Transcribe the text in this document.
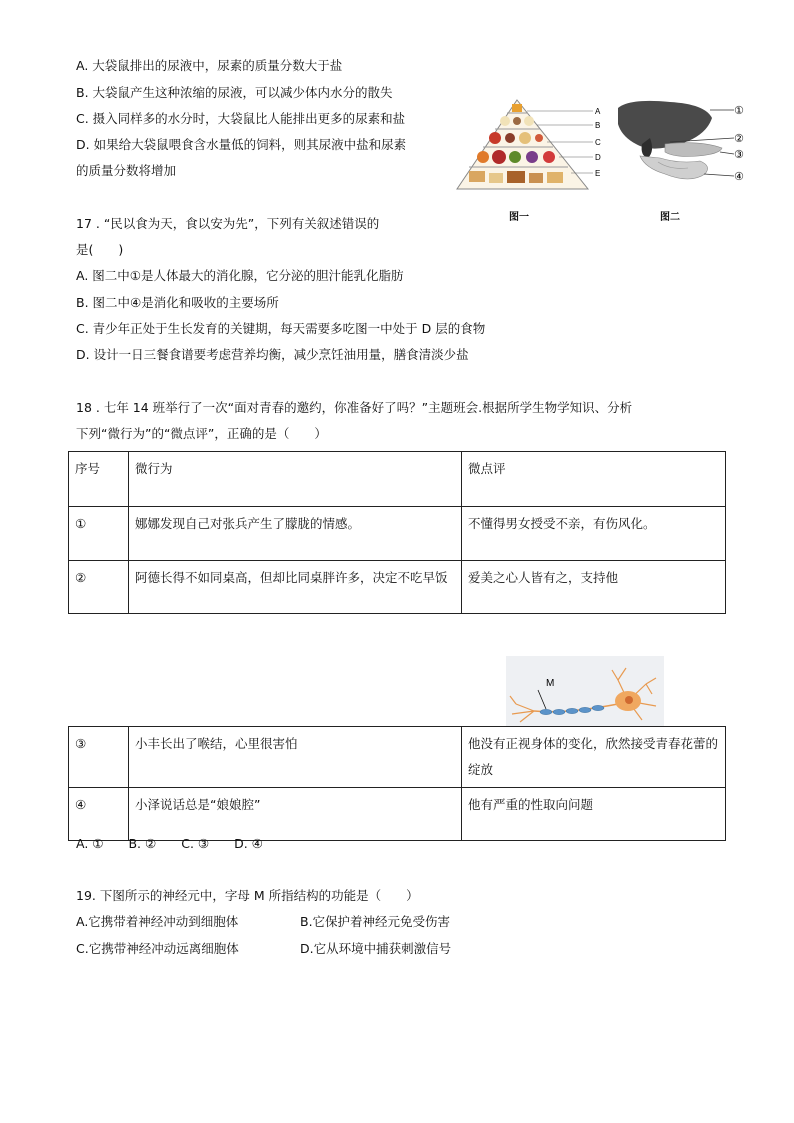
A. 大袋鼠排出的尿液中，尿素的质量分数大于盐
B. 大袋鼠产生这种浓缩的尿液，可以减少体内水分的散失
C. 摄入同样多的水分时，大袋鼠比人能排出更多的尿素和盐
D. 如果给大袋鼠喂食含水量低的饲料，则其尿液中盐和尿素
的质量分数将增加
A
B
C
D
E
图一
①
②
③
④
图二
17 . “民以食为天，食以安为先”，下列有关叙述错误的
是(　　)
A. 图二中①是人体最大的消化腺，它分泌的胆汁能乳化脂肪
B. 图二中④是消化和吸收的主要场所
C. 青少年正处于生长发育的关键期，每天需要多吃图一中处于 D 层的食物
D. 设计一日三餐食谱要考虑营养均衡，减少烹饪油用量，膳食清淡少盐
18 . 七年 14 班举行了一次“面对青春的邀约，你准备好了吗？”主题班会.根据所学生物学知识、分析
下列“微行为”的“微点评”，正确的是（　　）
序号	微行为	微点评
①	娜娜发现自己对张兵产生了朦胧的情感。	不懂得男女授受不亲，有伤风化。
②	阿德长得不如同桌高，但却比同桌胖许多，决定不吃早饭	爱美之心人皆有之，支持他
M
③	小丰长出了喉结，心里很害怕	他没有正视身体的变化，欣然接受青春花蕾的绽放
④	小泽说话总是“娘娘腔”	他有严重的性取向问题
A. ①　　B. ②　　C. ③　　D. ④
19. 下图所示的神经元中，字母 M 所指结构的功能是（　　）
A.它携带着神经冲动到细胞体	B.它保护着神经元免受伤害
C.它携带神经冲动远离细胞体	D.它从环境中捕获刺激信号
